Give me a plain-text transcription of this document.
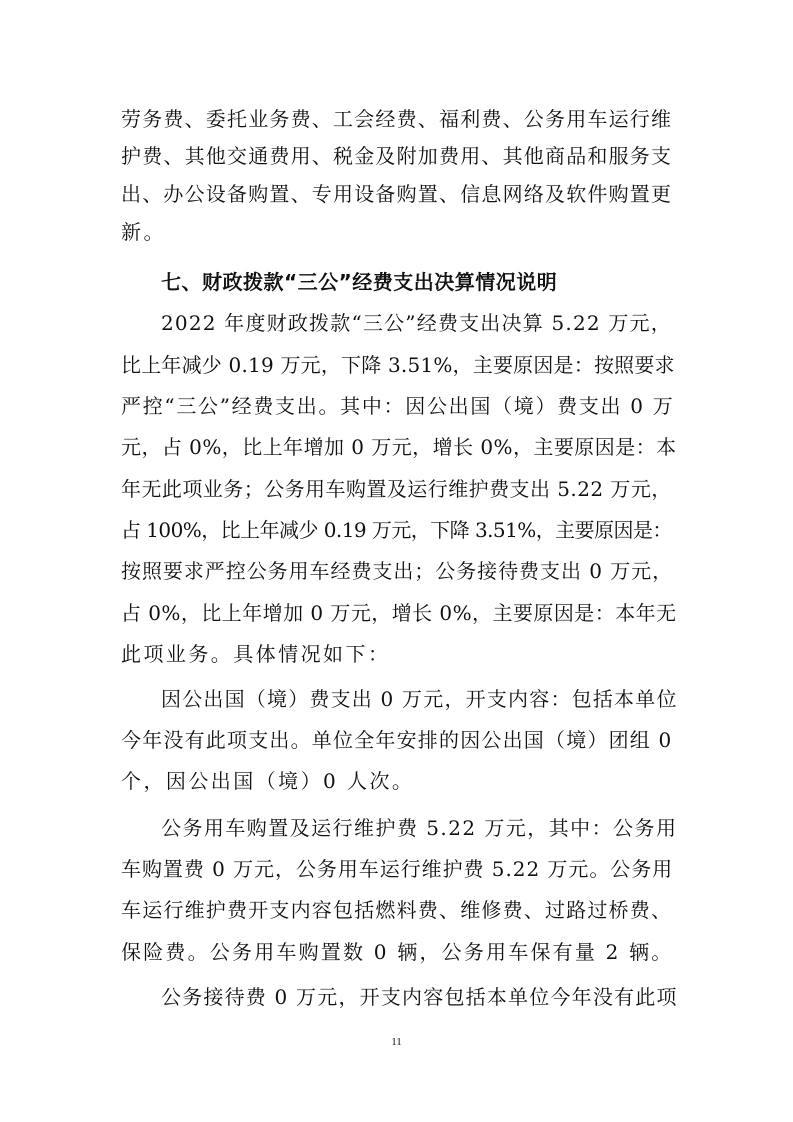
劳务费、委托业务费、工会经费、福利费、公务用车运行维
护费、其他交通费用、税金及附加费用、其他商品和服务支
出、办公设备购置、专用设备购置、信息网络及软件购置更
新。
七、财政拨款“三公”经费支出决算情况说明
2022 年度财政拨款“三公”经费支出决算 5.22 万元，
比上年减少 0.19 万元，下降 3.51%，主要原因是：按照要求
严控“三公”经费支出。其中：因公出国（境）费支出 0 万
元，占 0%，比上年增加 0 万元，增长 0%，主要原因是：本
年无此项业务；公务用车购置及运行维护费支出 5.22 万元，
占 100%，比上年减少 0.19 万元，下降 3.51%，主要原因是：
按照要求严控公务用车经费支出；公务接待费支出 0 万元，
占 0%，比上年增加 0 万元，增长 0%，主要原因是：本年无
此项业务。具体情况如下：
因公出国（境）费支出 0 万元，开支内容：包括本单位
今年没有此项支出。单位全年安排的因公出国（境）团组 0
个，因公出国（境）0 人次。
公务用车购置及运行维护费 5.22 万元，其中：公务用
车购置费 0 万元，公务用车运行维护费 5.22 万元。公务用
车运行维护费开支内容包括燃料费、维修费、过路过桥费、
保险费。公务用车购置数 0 辆，公务用车保有量 2 辆。
公务接待费 0 万元，开支内容包括本单位今年没有此项
11
